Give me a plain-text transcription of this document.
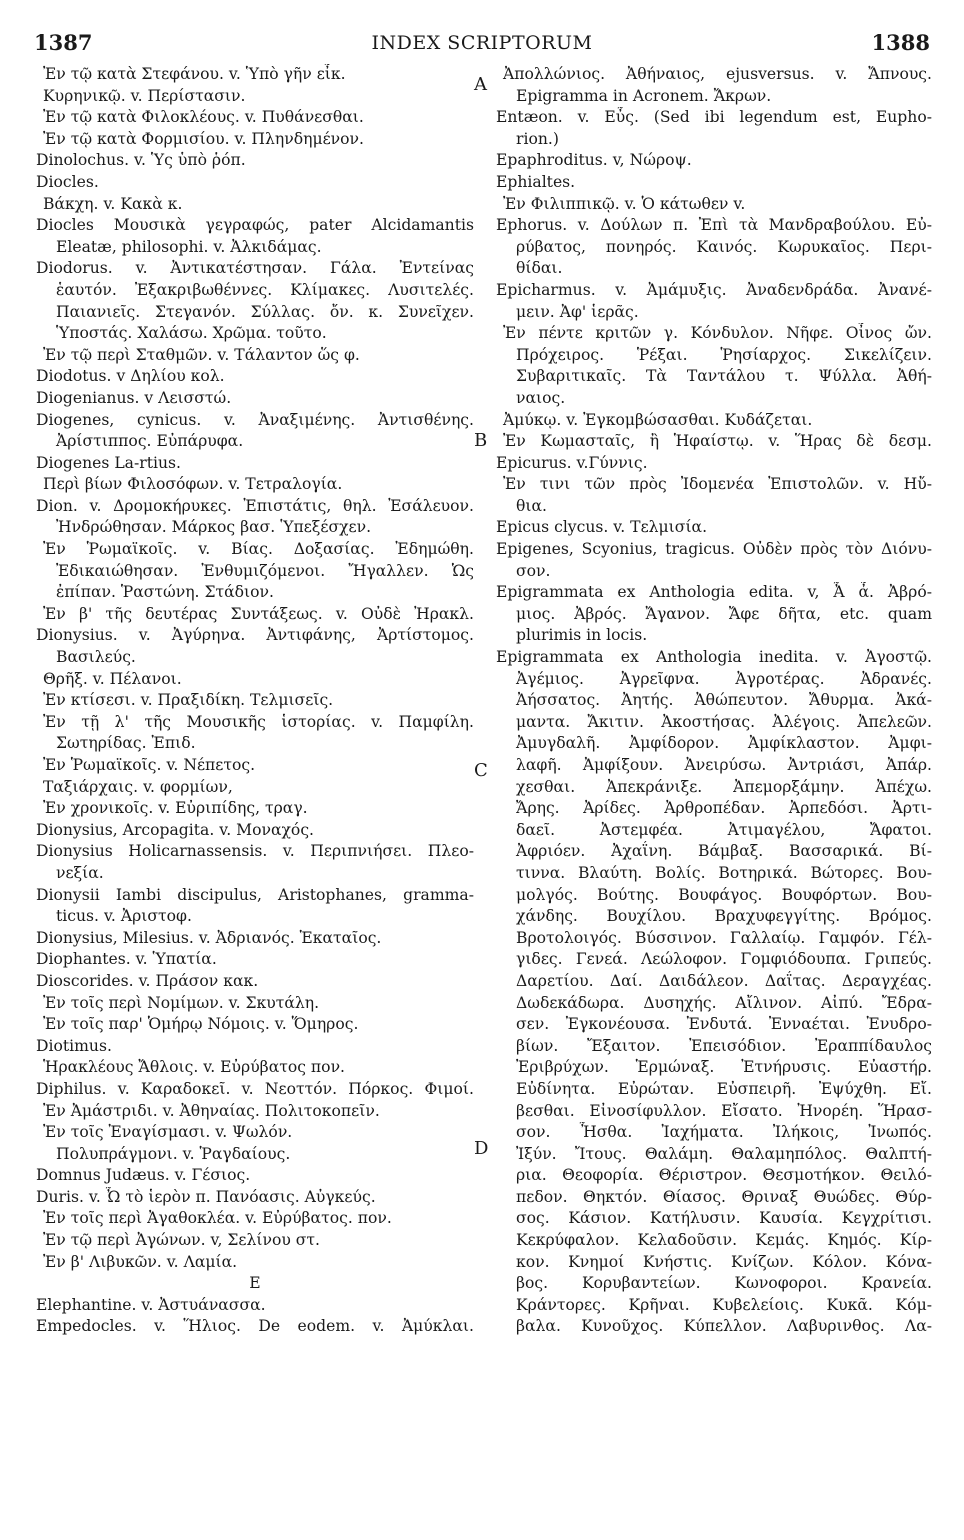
1387	INDEX SCRIPTORUM	1388
Ἐν τῷ κατὰ Στεφάνου. v. Ὑπὸ γῆν εἶκ.
Κυρηνικῷ. v. Περίστασιν.
Ἐν τῷ κατὰ Φιλοκλέους. v. Πυθάνεσθαι.
Ἐν τῷ κατὰ Φορμισίου. v. Πληνδημένον.
Dinolochus. v. Ὑς ὑπὸ ῥόπ.
Diocles.
Βάκχη. v. Κακὰ κ.
Diocles Μουσικὰ γεγραφώς, pater Alcidamantis
Eleatæ, philosophi. v. Ἀλκιδάμας.
Diodorus. v. Ἀντικατέστησαν. Γάλα. Ἐντείνας
ἑαυτόν. Ἐξακριβωθέννες. Κλίμακες. Λυσιτελές.
Παιανιεῖς. Στεγανόν. Σύλλας. ὄν. κ. Συνεῖχεν.
Ὑποστάς. Χαλάσω. Χρῶμα. τοῦτο.
Ἐν τῷ περὶ Σταθμῶν. v. Τάλαντον ὥς φ.
Diodotus. v Δηλίου κολ.
Diogenianus. v Λεισστώ.
Diogenes, cynicus. v. Ἀναξιμένης. Ἀντισθένης.
Ἀρίστιππος. Εὐπάρυφα.
Diogenes La-rtius.
Περὶ βίων Φιλοσόφων. v. Τετραλογία.
Dion. v. Δρομοκήρυκες. Ἐπιστάτις, θηλ. Ἐσάλευον.
Ἠνδρώθησαν. Μάρκος βασ. Ὑπεξέσχεν.
Ἐν Ῥωμαϊκοῖς. v. Βίας. Δοξασίας. Ἐδημώθη.
Ἐδικαιώθησαν. Ἐνθυμιζόμενοι. Ἤγαλλεν. Ὡς
ἐπίπαν. Ῥαστώνη. Στάδιον.
Ἐν β' τῆς δευτέρας Συντάξεως. v. Οὐδὲ Ἠρακλ.
Dionysius. v. Ἀγύρηνα. Ἀντιφάνης, Ἀρτίστομος.
Βασιλεύς.
Θρῆξ. v. Πέλανοι.
Ἐν κτίσεσι. v. Πραξιδίκη. Τελμισεῖς.
Ἐν τῇ λ' τῆς Μουσικῆς ἱστορίας. v. Παμφίλη.
Σωτηρίδας. Ἐπιδ.
Ἐν Ῥωμαϊκοῖς. v. Νέπετος.
Ταξιάρχαις. v. φορμίων,
Ἐν χρονικοῖς. v. Εὐριπίδης, τραγ.
Dionysius, Arcopagita. v. Μοναχός.
Dionysius Holicarnassensis. v. Περιπνιήσει. Πλεο-
νεξία.
Dionysii Iambi discipulus, Aristophanes, gramma-
ticus. v. Ἀριστοφ.
Dionysius, Milesius. v. Ἀδριανός. Ἑκαταῖος.
Diophantes. v. Ὑπατία.
Dioscorides. v. Πράσον κακ.
Ἐν τοῖς περὶ Νομίμων. v. Σκυτάλη.
Ἐν τοῖς παρ' Ὁμήρῳ Νόμοις. v. Ὅμηρος.
Diotimus.
Ἡρακλέους Ἄθλοις. v. Εὐρύβατος πον.
Diphilus. v. Καραδοκεῖ. v. Νεοττόν. Πόρκος. Φιμοί.
Ἐν Ἀμάστριδι. v. Ἀθηναίας. Πολιτοκοπεῖν.
Ἐν τοῖς Ἐναγίσμασι. v. Ψωλόν.
Πολυπράγμονι. v. Ῥαγδαίους.
Domnus Judæus. v. Γέσιος.
Duris. v. Ὦ τὸ ἱερὸν π. Πανόασις. Αὐγκεύς.
Ἐν τοῖς περὶ Ἀγαθοκλέα. v. Εὐρύβατος. πον.
Ἐν τῷ περὶ Ἀγώνων. v, Σελίνου στ.
Ἐν β' Λιβυκῶν. v. Λαμία.
E
Elephantine. v. Ἀστυάνασσα.
Empedocles. v. Ἥλιος. De eodem. v. Ἀμύκλαι.
Ἀπολλώνιος. Ἀθήναιος, ejusversus. v. Ἄπνους.
Epigramma in Acronem. Ἄκρων.
Entæon. v. Εὖς. (Sed ibi legendum est, Eupho-
rion.)
Epaphroditus. v, Νώροψ.
Ephialtes.
Ἐν Φιλιππικῷ. v. Ὁ κάτωθεν v.
Ephorus. v. Δούλων π. Ἐπὶ τὰ Μανδραβούλου. Εὐ-
ρύβατος, πονηρός. Καινός. Κωρυκαῖος. Περι-
θίδαι.
Epicharmus. v. Ἀμάμυξις. Ἀναδενδράδα. Ἀνανέ-
μειν. Ἀφ' ἱερᾶς.
Ἐν πέντε κριτῶν γ. Κόνδυλον. Νῆφε. Οἶνος ὤν.
Πρόχειρος. Ῥέξαι. Ῥησίαρχος. Σικελίζειν.
Συβαριτικαῖς. Τὰ Ταντάλου τ. Ψύλλα. Ἀθή-
ναιος.
Ἀμύκῳ. v. Ἐγκομβώσασθαι. Κυδάζεται.
Ἐν Κωμασταῖς, ἢ Ἡφαίστῳ. v. Ἥρας δὲ δεσμ.
Epicurus. v.Γύννις.
Ἐν τινι τῶν πρὸς Ἰδομενέα Ἐπιστολῶν. v. Ηὔ-
θια.
Epicus clycus. v. Τελμισία.
Epigenes, Scyonius, tragicus. Οὐδὲν πρὸς τὸν Διόνυ-
σον.
Epigrammata ex Anthologia edita. v, Ἆ ἆ. Ἀβρό-
μιος. Ἀβρός. Ἄγανον. Ἄφε δῆτα, etc. quam
plurimis in locis.
Epigrammata ex Anthologia inedita. v. Ἀγοστῷ.
Ἀγέμιος. Ἀγρεῖφνα. Ἀγροτέρας. Ἀδρανές.
Ἀήσσατος. Ἀητής. Ἀθώπευτον. Ἄθυρμα. Ἀκά-
μαντα. Ἄκιτιν. Ἀκοστήσας. Ἀλέγοις. Ἀπελεῶν.
Ἀμυγδαλῆ. Ἀμφίδορον. Ἀμφίκλαστον. Ἀμφι-
λαφῆ. Ἀμφίξουν. Ἀνειρύσω. Ἀντριάσι, Ἀπάρ.
χεσθαι. Ἀπεκράνιξε. Ἀπεμορξάμην. Ἀπέχω.
Ἄρης. Ἀρίδες. Ἀρθροπέδαν. Ἀρπεδόσι. Ἀρτι-
δαεῖ. Ἀστεμφέα. Ἀτιμαγέλου, Ἄφατοι.
Ἀφριόεν. Ἀχαΐνη. Βάμβαξ. Βασσαρικά. Βί-
τιννα. Βλαύτη. Βολίς. Βοτηρικά. Βώτορες. Βου-
μολγός. Βούτης. Βουφάγος. Βουφόρτων. Βου-
χάνδης. Βουχίλου. Βραχυφεγγίτης. Βρόμος.
Βροτολοιγός. Βύσσινον. Γαλλαίῳ. Γαμφόν. Γέλ-
γιδες. Γενεά. Λεώλοφον. Γομφιόδουπα. Γριπεύς.
Δαρετίου. Δαί. Δαιδάλεον. Δαΐτας. Δεραγχέας.
Δωδεκάδωρα. Δυσηχής. Αἴλινον. Αἰπύ. Ἔδρα-
σεν. Ἐγκονέουσα. Ἐνδυτά. Ἐνναέται. Ἐνυδρο-
βίων. Ἔξαιτον. Ἐπεισόδιον. Ἐραππίδαυλος
Ἐριβρύχων. Ἑρμώναξ. Ἐτνήρυσις. Εὐαστήρ.
Εὐδίνητα. Εὐρώταν. Εὐσπειρῆ. Ἐψύχθη. Εἴ.
βεσθαι. Εἰνοσίφυλλον. Εἴσατο. Ἠνορέη. Ἥρασ-
σον. Ἦσθα. Ἰαχήματα. Ἰλήκοις, Ἰνωπός.
Ἰξύν. Ἴτους. Θαλάμη. Θαλαμηπόλος. Θαλπτή-
ρια. Θεοφορία. Θέριστρον. Θεσμοτήκον. Θειλό-
πεδον. Θηκτόν. Θίασος. Θριναξ Θυώδες. Θύρ-
σος. Κάσιον. Κατήλυσιν. Καυσία. Κεγχρίτισι.
Κεκρύφαλον. Κελαδοῦσιν. Κεμάς. Κημός. Κίρ-
κον. Κνημοί Κνήστις. Κνίζων. Κόλον. Κόνα-
βος. Κορυβαντείων. Κωνοφοροι. Κρανεία.
Κράντορες. Κρῆναι. Κυβελείοις. Κυκᾶ. Κόμ-
βαλα. Κυνοῦχος. Κύπελλον. Λαβυρινθος. Λα-
A
B
C
D
